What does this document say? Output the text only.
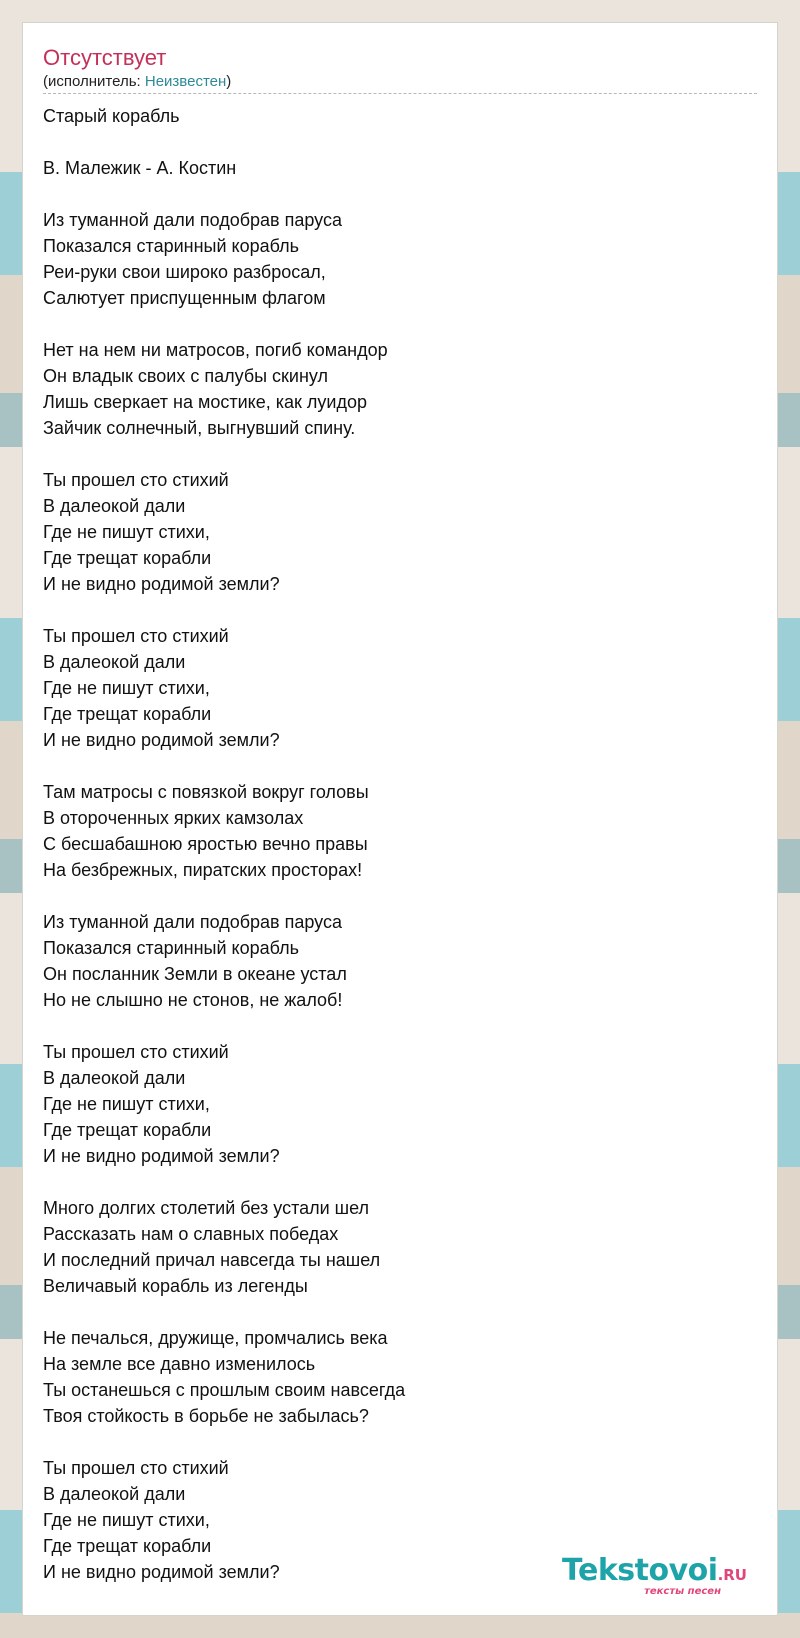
Отсутствует
(исполнитель: Неизвестен)
Старый корабль

В. Малежик - А. Костин

Из туманной дали подобрав паруса
Показался старинный корабль
Реи-руки свои широко разбросал,
Салютует приспущенным флагом

Нет на нем ни матросов, погиб командор
Он владык своих с палубы скинул
Лишь сверкает на мостике, как луидор
Зайчик солнечный, выгнувший спину.

Ты прошел сто стихий
В далеокой дали
Где не пишут стихи,
Где трещат корабли
И не видно родимой земли?

Ты прошел сто стихий
В далеокой дали
Где не пишут стихи,
Где трещат корабли
И не видно родимой земли?

Там матросы с повязкой вокруг головы
В оторoченных ярких камзолах
С бесшабашною яростью вечно правы
На безбрежных, пиратских просторах!

Из туманной дали подобрав паруса
Показался старинный корабль
Он посланник Земли в океане устал
Но не слышно не стонов, не жалоб!

Ты прошел сто стихий
В далеокой дали
Где не пишут стихи,
Где трещат корабли
И не видно родимой земли?

Много долгих столетий без устали шел
Рассказать нам о славных победах
И последний причал навсегда ты нашел
Величавый корабль из легенды

Не печалься, дружище, промчались века
На земле все давно изменилось
Ты останешься с прошлым своим навсегда
Твоя стойкость в борьбе не забылась?

Ты прошел сто стихий
В далеокой дали
Где не пишут стихи,
Где трещат корабли
И не видно родимой земли?	Tekstovoi.RU
тексты песен
